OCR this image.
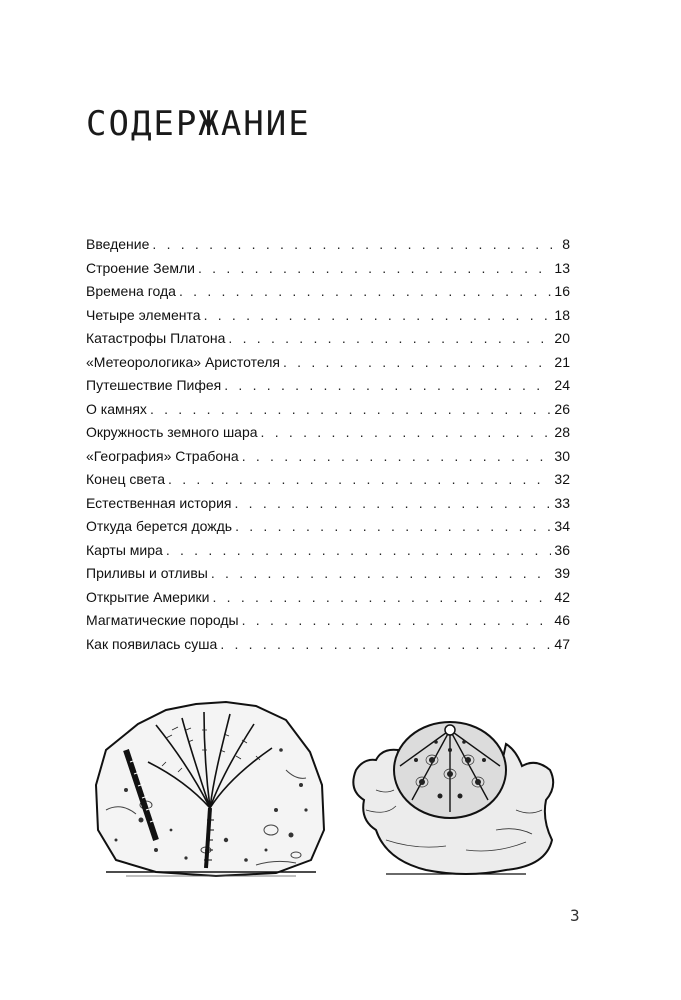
СОДЕРЖАНИЕ
Введение . . .	8
Строение Земли . . .	13
Времена года . . .	16
Четыре элемента . . .	18
Катастрофы Платона . . .	20
«Метеорологика» Аристотеля . . .	21
Путешествие Пифея . . .	24
О камнях . . .	26
Окружность земного шара . . .	28
«География» Страбона . . .	30
Конец света . . .	32
Естественная история . . .	33
Откуда берется дождь . . .	34
Карты мира . . .	36
Приливы и отливы . . .	39
Открытие Америки . . .	42
Магматические породы . . .	46
Как появилась суша . . .	47
3
